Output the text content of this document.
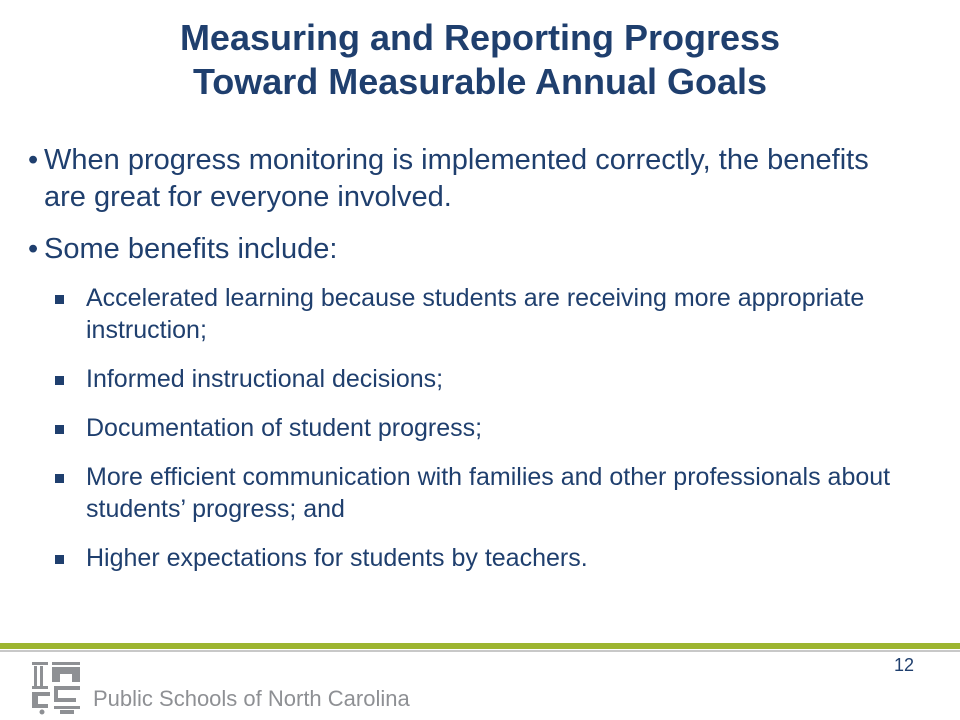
Measuring and Reporting Progress
Toward Measurable Annual Goals
• When progress monitoring is implemented correctly, the benefits are great for everyone involved.
• Some benefits include:
Accelerated learning because students are receiving more appropriate instruction;
Informed instructional decisions;
Documentation of student progress;
More efficient communication with families and other professionals about students’ progress; and
Higher expectations for students by teachers.
12
Public Schools of North Carolina
